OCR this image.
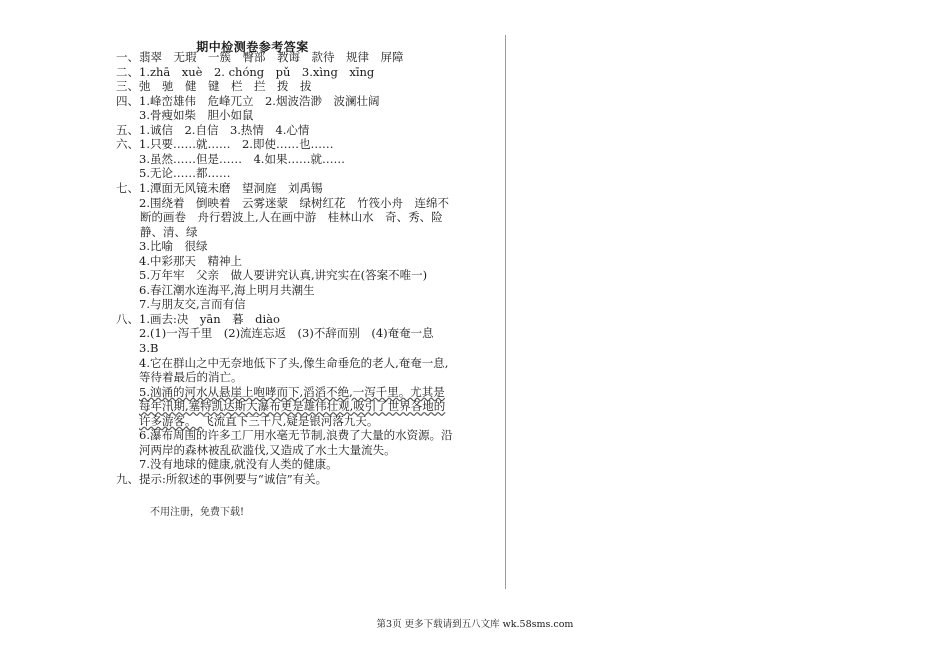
期中检测卷参考答案
一、翡翠　无瑕　一簇　臀部　教诲　款待　规律　屏障
二、1.zhā　xuè　2. chóng　pǔ　3.xìng　xīng
三、弛　驰　健　键　栏　拦　拨　拔
四、1.峰峦雄伟　危峰兀立　2.烟波浩渺　波澜壮阔
　　3.骨瘦如柴　胆小如鼠
五、1.诚信　2.自信　3.热情　4.心情
六、1.只要……就……　2.即使……也……
　　3.虽然……但是……　4.如果……就……
　　5.无论……都……
七、1.潭面无风镜未磨　望洞庭　刘禹锡
　　2.围绕着　倒映着　云雾迷蒙　绿树红花　竹筏小舟　连绵不
断的画卷　舟行碧波上,人在画中游　桂林山水　奇、秀、险
静、清、绿
　　3.比喻　很绿
　　4.中彩那天　精神上
　　5.万年牢　父亲　做人要讲究认真,讲究实在(答案不唯一)
　　6.春江潮水连海平,海上明月共潮生
　　7.与朋友交,言而有信
八、1.画去:决　yān　暮　diào
　　2.(1)一泻千里　(2)流连忘返　(3)不辞而别　(4)奄奄一息
　　3.B
　　4.它在群山之中无奈地低下了头,像生命垂危的老人,奄奄一息,
　　等待着最后的消亡。
　　5.汹涌的河水从悬崖上咆哮而下,滔滔不绝,一泻千里。尤其是
　　每年汛期,塞特凯达斯大瀑布更是雄伟壮观,吸引了世界各地的
　　许多游客。　飞流直下三千尺,疑是银河落九天。
　　6.瀑布周围的许多工厂用水毫无节制,浪费了大量的水资源。沿
　　河两岸的森林被乱砍滥伐,又造成了水土大量流失。
　　7.没有地球的健康,就没有人类的健康。
九、提示:所叙述的事例要与“诚信”有关。
不用注册，免费下载!
第3页 更多下载请到五八文库 wk.58sms.com
